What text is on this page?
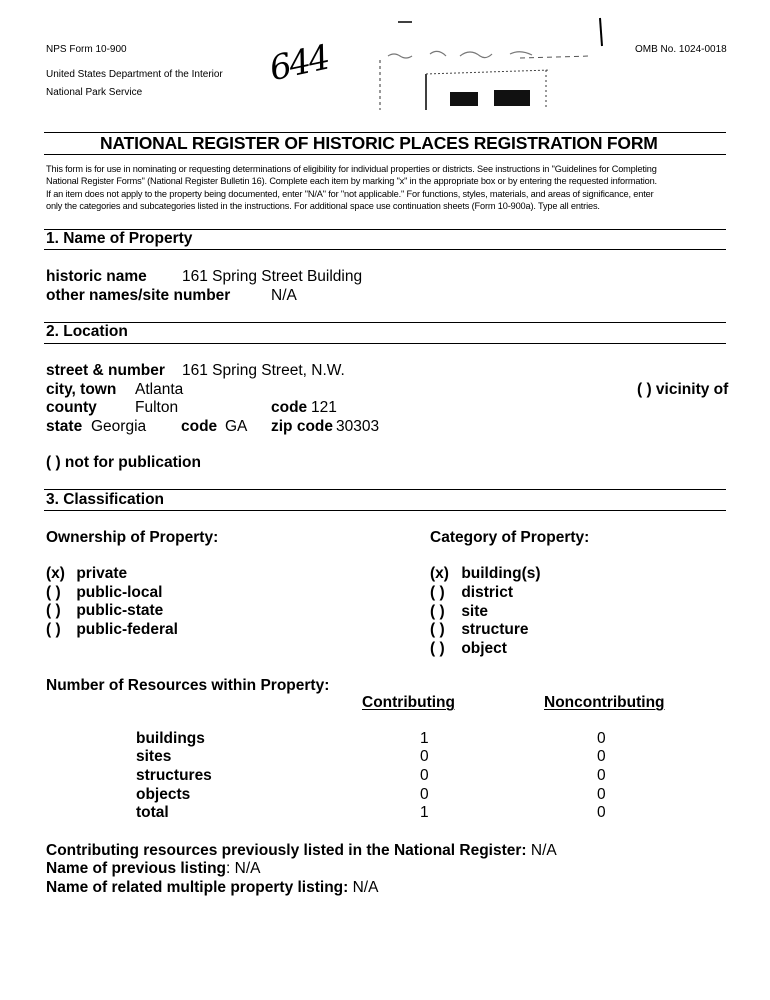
NPS Form 10-900
United States Department of the Interior
National Park Service
OMB No. 1024-0018
644
NATIONAL REGISTER OF HISTORIC PLACES REGISTRATION FORM

This form is for use in nominating or requesting determinations of eligibility for individual properties or districts. See instructions in "Guidelines for Completing

National Register Forms" (National Register Bulletin 16). Complete each item by marking "x" in the appropriate box or by entering the requested information.

If an item does not apply to the property being documented, enter "N/A" for "not applicable." For functions, styles, materials, and areas of significance, enter

only the categories and subcategories listed in the instructions. For additional space use continuation sheets (Form 10-900a). Type all entries.

1. Name of Property
historic name 161 Spring Street Building
other names/site number	N/A
2. Location
street & number 161 Spring Street, N.W.
city, town Atlanta	( ) vicinity of
county Fulton	code 121
state Georgia code GA zip code 30303
( ) not for publication
3. Classification
Ownership of Property:	Category of Property:
(x) private
( ) public-local
( ) public-state
( ) public-federal
(x) building(s)
( ) district
( ) site
( ) structure
( ) object
Number of Resources within Property:
Contributing	Noncontributing
buildings	1	0
sites	0	0
structures	0	0
objects	0	0
total	1	0
Contributing resources previously listed in the National Register: N/A
Name of previous listing: N/A
Name of related multiple property listing: N/A
